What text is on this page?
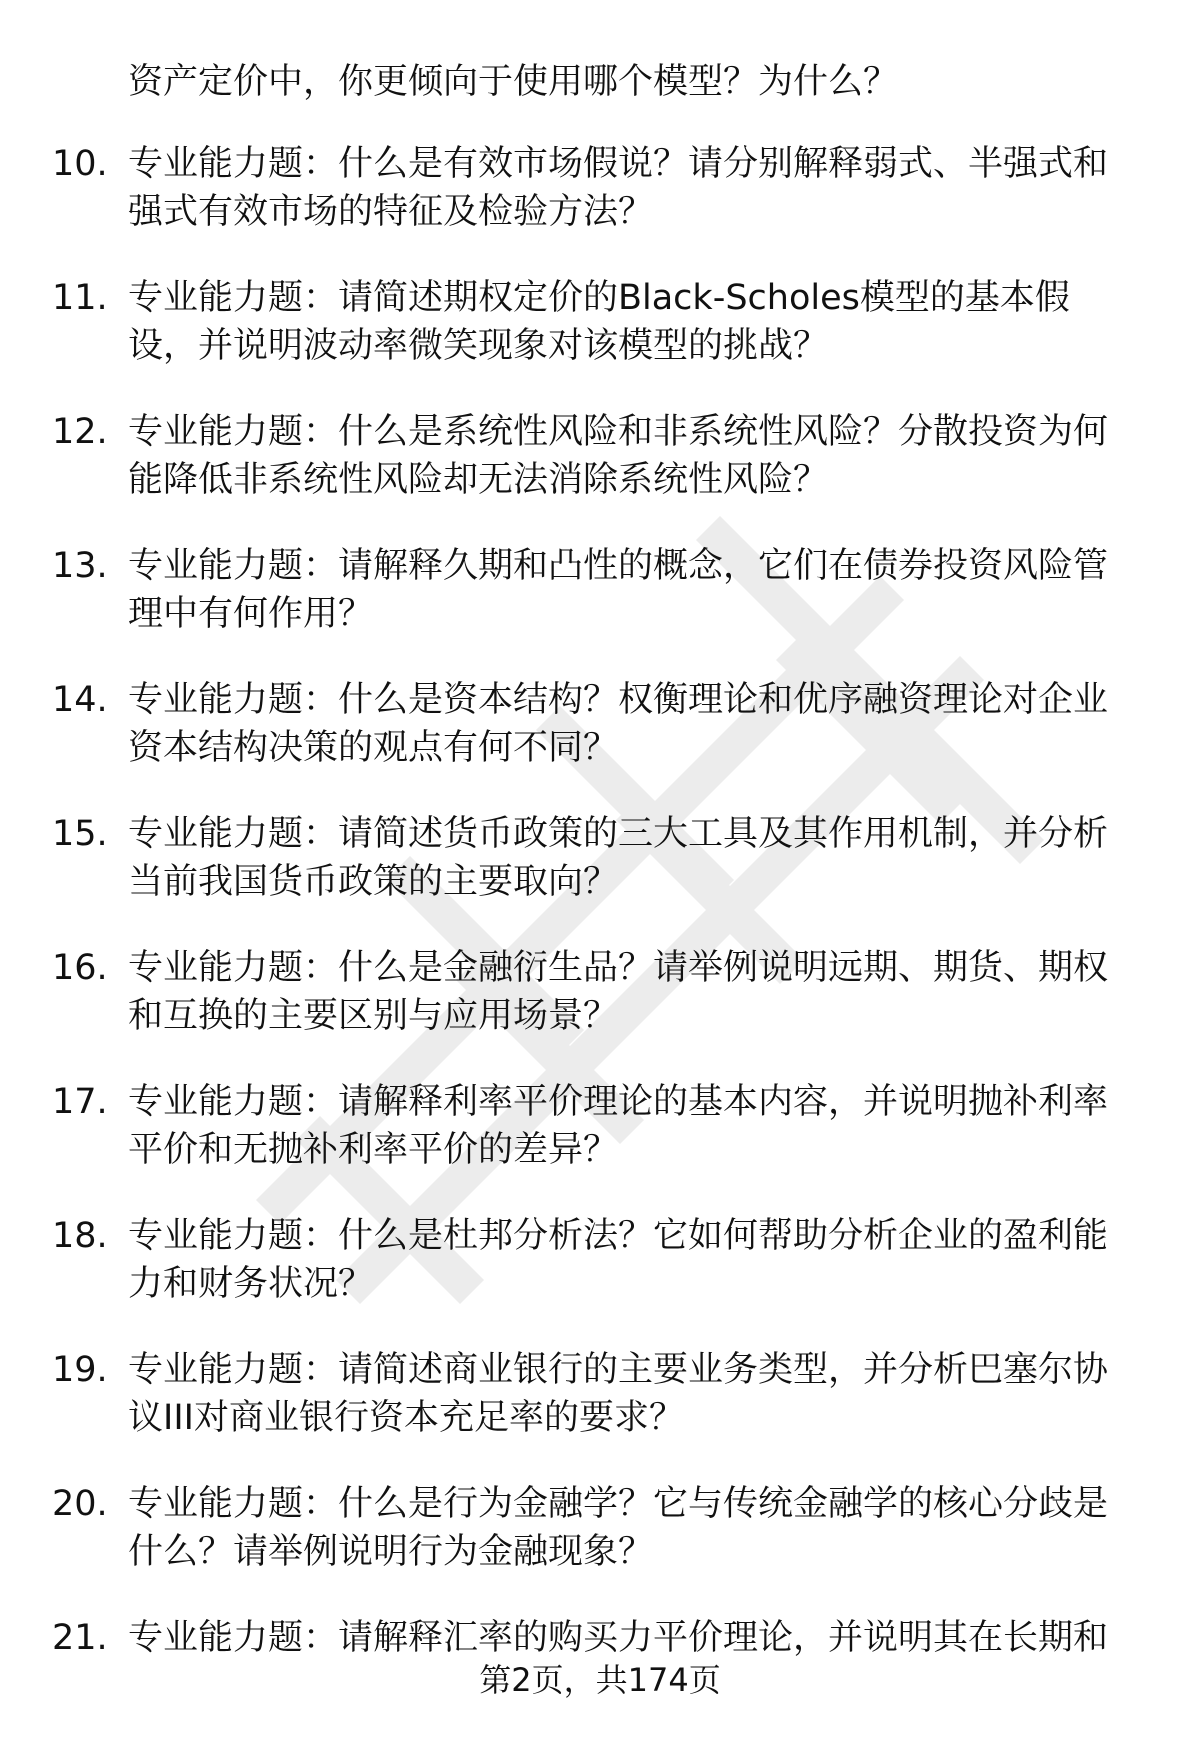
资产定价中，你更倾向于使用哪个模型？为什么？
10. 专业能力题：什么是有效市场假说？请分别解释弱式、半强式和强式有效市场的特征及检验方法？
11. 专业能力题：请简述期权定价的Black-Scholes模型的基本假设，并说明波动率微笑现象对该模型的挑战？
12. 专业能力题：什么是系统性风险和非系统性风险？分散投资为何能降低非系统性风险却无法消除系统性风险？
13. 专业能力题：请解释久期和凸性的概念，它们在债券投资风险管理中有何作用？
14. 专业能力题：什么是资本结构？权衡理论和优序融资理论对企业资本结构决策的观点有何不同？
15. 专业能力题：请简述货币政策的三大工具及其作用机制，并分析当前我国货币政策的主要取向？
16. 专业能力题：什么是金融衍生品？请举例说明远期、期货、期权和互换的主要区别与应用场景？
17. 专业能力题：请解释利率平价理论的基本内容，并说明抛补利率平价和无抛补利率平价的差异？
18. 专业能力题：什么是杜邦分析法？它如何帮助分析企业的盈利能力和财务状况？
19. 专业能力题：请简述商业银行的主要业务类型，并分析巴塞尔协议III对商业银行资本充足率的要求？
20. 专业能力题：什么是行为金融学？它与传统金融学的核心分歧是什么？请举例说明行为金融现象？
21. 专业能力题：请解释汇率的购买力平价理论，并说明其在长期和
第2页，共174页
